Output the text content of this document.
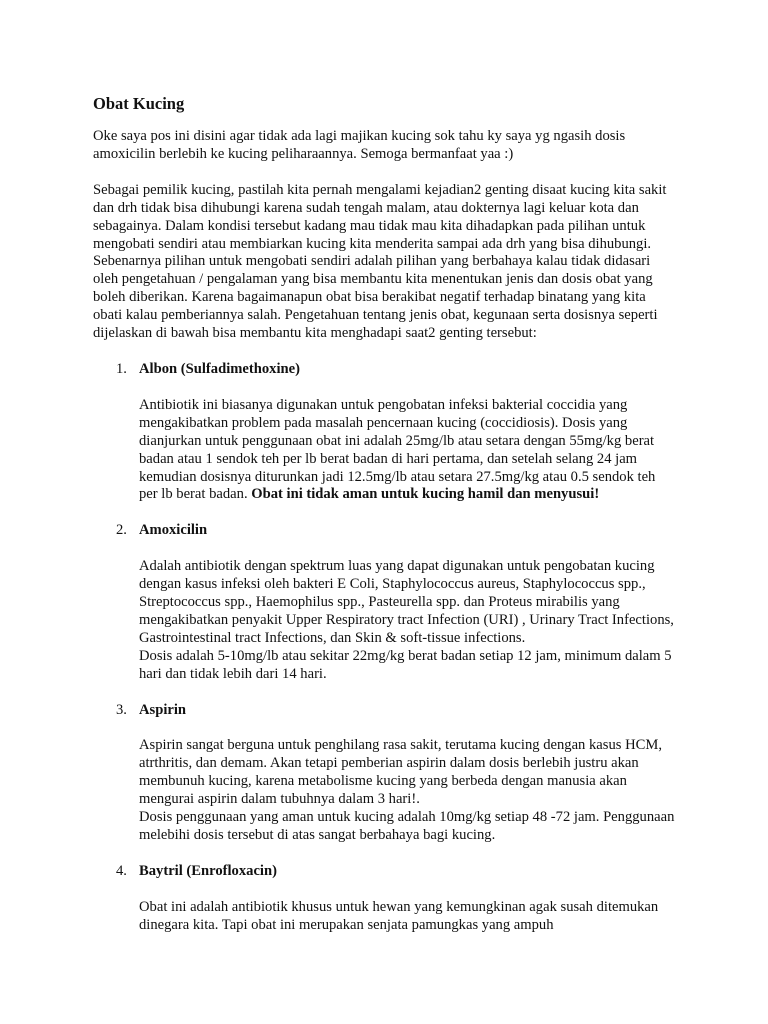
Obat Kucing

Oke saya pos ini disini agar tidak ada lagi majikan kucing sok tahu ky saya yg ngasih dosis amoxicilin berlebih ke kucing peliharaannya. Semoga bermanfaat yaa :)

Sebagai pemilik kucing, pastilah kita pernah mengalami kejadian2 genting disaat kucing kita sakit dan drh tidak bisa dihubungi karena sudah tengah malam, atau dokternya lagi keluar kota dan sebagainya. Dalam kondisi tersebut kadang mau tidak mau kita dihadapkan pada pilihan untuk mengobati sendiri atau membiarkan kucing kita menderita sampai ada drh yang bisa dihubungi. Sebenarnya pilihan untuk mengobati sendiri adalah pilihan yang berbahaya kalau tidak didasari oleh pengetahuan / pengalaman yang bisa membantu kita menentukan jenis dan dosis obat yang boleh diberikan. Karena bagaimanapun obat bisa berakibat negatif terhadap binatang yang kita obati kalau pemberiannya salah. Pengetahuan tentang jenis obat, kegunaan serta dosisnya seperti dijelaskan di bawah bisa membantu kita menghadapi saat2 genting tersebut:

1. Albon (Sulfadimethoxine)

Antibiotik ini biasanya digunakan untuk pengobatan infeksi bakterial coccidia yang mengakibatkan problem pada masalah pencernaan kucing (coccidiosis). Dosis yang dianjurkan untuk penggunaan obat ini adalah 25mg/lb atau setara dengan 55mg/kg berat badan atau 1 sendok teh per lb berat badan di hari pertama, dan setelah selang 24 jam kemudian dosisnya diturunkan jadi 12.5mg/lb atau setara 27.5mg/kg atau 0.5 sendok teh per lb berat badan. Obat ini tidak aman untuk kucing hamil dan menyusui!

2. Amoxicilin

Adalah antibiotik dengan spektrum luas yang dapat digunakan untuk pengobatan kucing dengan kasus infeksi oleh bakteri E Coli, Staphylococcus aureus, Staphylococcus spp., Streptococcus spp., Haemophilus spp., Pasteurella spp. dan Proteus mirabilis yang mengakibatkan penyakit Upper Respiratory tract Infection (URI) , Urinary Tract Infections, Gastrointestinal tract Infections, dan Skin & soft-tissue infections.

Dosis adalah 5-10mg/lb atau sekitar 22mg/kg berat badan setiap 12 jam, minimum dalam 5 hari dan tidak lebih dari 14 hari.

3. Aspirin

Aspirin sangat berguna untuk penghilang rasa sakit, terutama kucing dengan kasus HCM, atrthritis, dan demam. Akan tetapi pemberian aspirin dalam dosis berlebih justru akan membunuh kucing, karena metabolisme kucing yang berbeda dengan manusia akan mengurai aspirin dalam tubuhnya dalam 3 hari!.

Dosis penggunaan yang aman untuk kucing adalah 10mg/kg setiap 48 -72 jam. Penggunaan melebihi dosis tersebut di atas sangat berbahaya bagi kucing.

4. Baytril (Enrofloxacin)

Obat ini adalah antibiotik khusus untuk hewan yang kemungkinan agak susah ditemukan dinegara kita. Tapi obat ini merupakan senjata pamungkas yang ampuh
